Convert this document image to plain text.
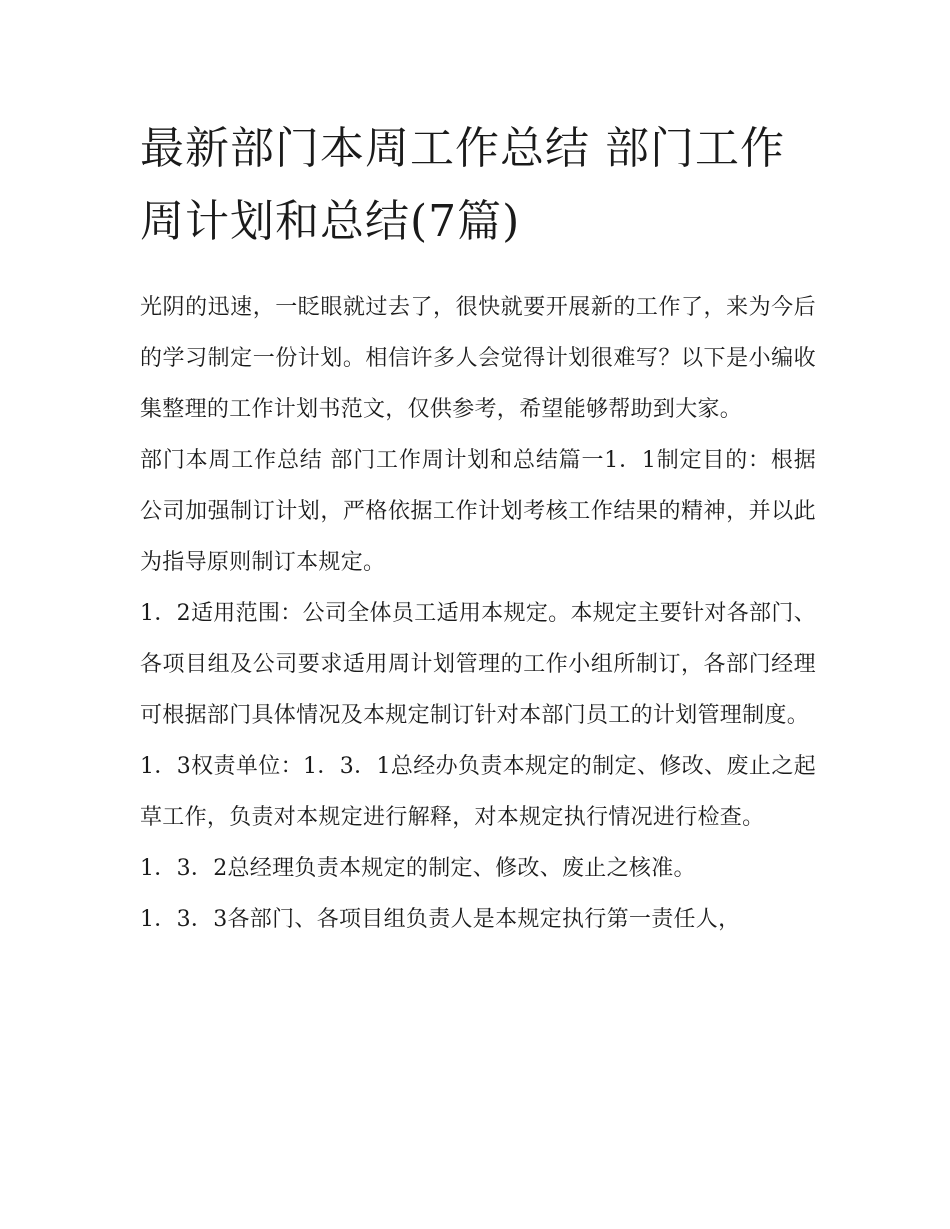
最新部门本周工作总结 部门工作周计划和总结(7篇)

光阴的迅速，一眨眼就过去了，很快就要开展新的工作了，来为今后的学习制定一份计划。相信许多人会觉得计划很难写？以下是小编收集整理的工作计划书范文，仅供参考，希望能够帮助到大家。

部门本周工作总结 部门工作周计划和总结篇一1．1制定目的：根据公司加强制订计划，严格依据工作计划考核工作结果的精神，并以此为指导原则制订本规定。

1．2适用范围：公司全体员工适用本规定。本规定主要针对各部门、各项目组及公司要求适用周计划管理的工作小组所制订，各部门经理可根据部门具体情况及本规定制订针对本部门员工的计划管理制度。

1．3权责单位：1．3．1总经办负责本规定的制定、修改、废止之起草工作，负责对本规定进行解释，对本规定执行情况进行检查。

1．3．2总经理负责本规定的制定、修改、废止之核准。

1．3．3各部门、各项目组负责人是本规定执行第一责任人，
